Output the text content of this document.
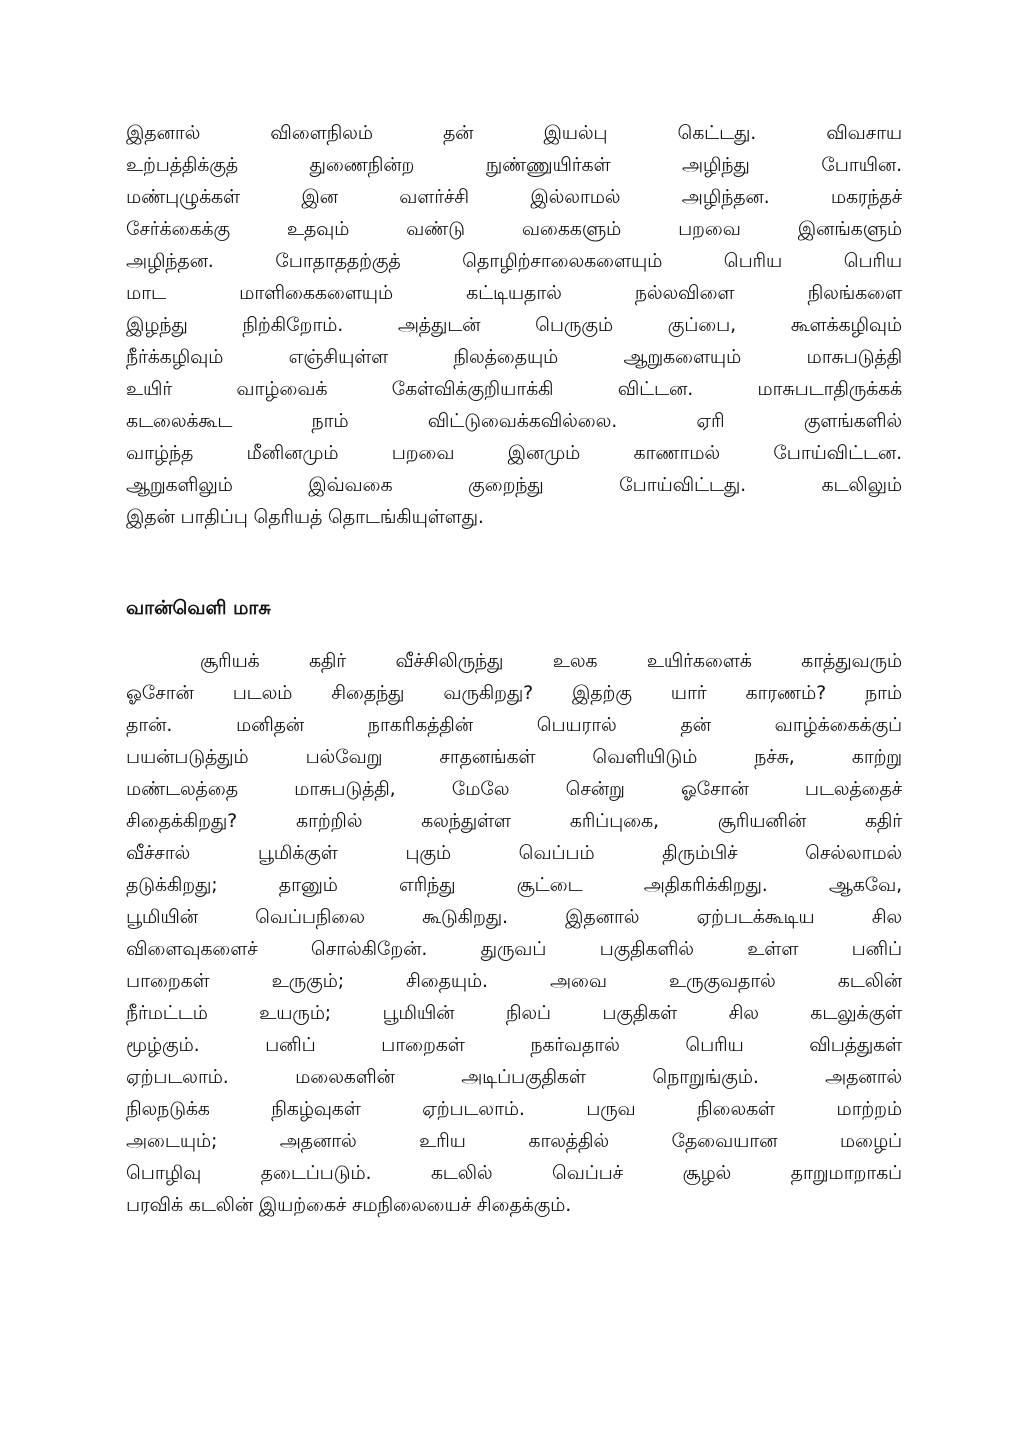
இதனால் விளைநிலம் தன் இயல்பு கெட்டது. விவசாய
உற்பத்திக்குத் துணைநின்ற நுண்ணுயிர்கள் அழிந்து போயின.
மண்புழுக்கள் இன வளர்ச்சி இல்லாமல் அழிந்தன. மகரந்தச்
சேர்க்கைக்கு உதவும் வண்டு வகைகளும் பறவை இனங்களும்
அழிந்தன. போதாததற்குத் தொழிற்சாலைகளையும் பெரிய பெரிய
மாட மாளிகைகளையும் கட்டியதால் நல்லவிளை நிலங்களை
இழந்து நிற்கிறோம். அத்துடன் பெருகும் குப்பை, கூளக்கழிவும்
நீர்க்கழிவும் எஞ்சியுள்ள நிலத்தையும் ஆறுகளையும் மாசுபடுத்தி
உயிர் வாழ்வைக் கேள்விக்குறியாக்கி விட்டன. மாசுபடாதிருக்கக்
கடலைக்கூட நாம் விட்டுவைக்கவில்லை. ஏரி குளங்களில்
வாழ்ந்த மீனினமும் பறவை இனமும் காணாமல் போய்விட்டன.
ஆறுகளிலும் இவ்வகை குறைந்து போய்விட்டது. கடலிலும்
இதன் பாதிப்பு தெரியத் தொடங்கியுள்ளது.
வான்வெளி மாசு
சூரியக் கதிர் வீச்சிலிருந்து உலக உயிர்களைக் காத்துவரும்
ஓசோன் படலம் சிதைந்து வருகிறது? இதற்கு யார் காரணம்? நாம்
தான். மனிதன் நாகரிகத்தின் பெயரால் தன் வாழ்க்கைக்குப்
பயன்படுத்தும் பல்வேறு சாதனங்கள் வெளியிடும் நச்சு, காற்று
மண்டலத்தை மாசுபடுத்தி, மேலே சென்று ஓசோன் படலத்தைச்
சிதைக்கிறது? காற்றில் கலந்துள்ள கரிப்புகை, சூரியனின் கதிர்
வீச்சால் பூமிக்குள் புகும் வெப்பம் திரும்பிச் செல்லாமல்
தடுக்கிறது; தானும் எரிந்து சூட்டை அதிகரிக்கிறது. ஆகவே,
பூமியின் வெப்பநிலை கூடுகிறது. இதனால் ஏற்படக்கூடிய சில
விளைவுகளைச் சொல்கிறேன். துருவப் பகுதிகளில் உள்ள பனிப்
பாறைகள் உருகும்; சிதையும். அவை உருகுவதால் கடலின்
நீர்மட்டம் உயரும்; பூமியின் நிலப் பகுதிகள் சில கடலுக்குள்
மூழ்கும். பனிப் பாறைகள் நகர்வதால் பெரிய விபத்துகள்
ஏற்படலாம். மலைகளின் அடிப்பகுதிகள் நொறுங்கும். அதனால்
நிலநடுக்க நிகழ்வுகள் ஏற்படலாம். பருவ நிலைகள் மாற்றம்
அடையும்; அதனால் உரிய காலத்தில் தேவையான மழைப்
பொழிவு தடைப்படும். கடலில் வெப்பச் சூழல் தாறுமாறாகப்
பரவிக் கடலின் இயற்கைச் சமநிலையைச் சிதைக்கும்.
